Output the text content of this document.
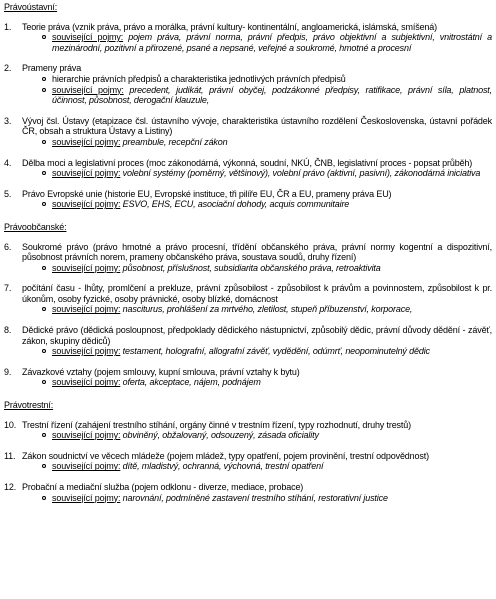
Právoústavní:
1. Teorie práva (vznik práva, právo a morálka, právní kultury- kontinentální, angloamerická, islámská, smíšená)
související pojmy: pojem práva, právní norma, právní předpis, právo objektivní a subjektivní, vnitrostátní a mezinárodní, pozitivní a přirozené, psané a nepsané, veřejné a soukromé, hmotné a procesní
2. Prameny práva
hierarchie právních předpisů a charakteristika jednotlivých právních předpisů
související pojmy: precedent, judikát, právní obyčej, podzákonné předpisy, ratifikace, právní síla, platnost, účinnost, působnost, derogační klauzule,
3. Vývoj čsl. Ústavy (etapizace čsl. ústavního vývoje, charakteristika ústavního rozdělení Československa, ústavní pořádek ČR, obsah a struktura Ústavy a Listiny)
související pojmy: preambule, recepční zákon
4. Dělba moci a legislativní proces (moc zákonodárná, výkonná, soudní, NKÚ, ČNB, legislativní proces - popsat průběh)
související pojmy: volební systémy (poměrný, většinový), volební právo (aktivní, pasivní), zákonodárná iniciativa
5. Právo Evropské unie (historie EU, Evropské instituce, tři pilíře EU, ČR a EU, prameny práva EU)
související pojmy: ESVO, EHS, ECU, asociační dohody, acquis communitaire
Právoobčanské:
6. Soukromé právo (právo hmotné a právo procesní, třídění občanského práva, právní normy kogentní a dispozitivní, působnost právních norem, prameny občanského práva, soustava soudů, druhy řízení)
související pojmy: působnost, příslušnost, subsidiarita občanského práva, retroaktivita
7. počítání času - lhůty, promlčení a prekluze, právní způsobilost - způsobilost k právům a povinnostem, způsobilost k pr. úkonům, osoby fyzické, osoby právnické, osoby blízké, domácnost
související pojmy: nasciturus, prohlášení za mrtvého, zletilost, stupeň příbuzenství, korporace,
8. Dědické právo (dědická posloupnost, předpoklady dědického nástupnictví, způsobilý dědic, právní důvody dědění - závěť, zákon, skupiny dědiců)
související pojmy: testament, holografní, allografní závěť, vydědění, odúmrť, neopominutelný dědic
9. Závazkové vztahy (pojem smlouvy, kupní smlouva, právní vztahy k bytu)
související pojmy: oferta, akceptace, nájem, podnájem
Právotrestní:
10. Trestní řízení (zahájení trestního stíhání, orgány činné v trestním řízení, typy rozhodnutí, druhy trestů)
související pojmy: obviněný, obžalovaný, odsouzený, zásada oficiality
11. Zákon soudnictví ve věcech mládeže (pojem mládež, typy opatření, pojem provinění, trestní odpovědnost)
související pojmy: dítě, mladistvý, ochranná, výchovná, trestní opatření
12. Probační a mediační služba (pojem odklonu - diverze, mediace, probace)
související pojmy: narovnání, podmíněné zastavení trestního stíhání, restorativní justice
